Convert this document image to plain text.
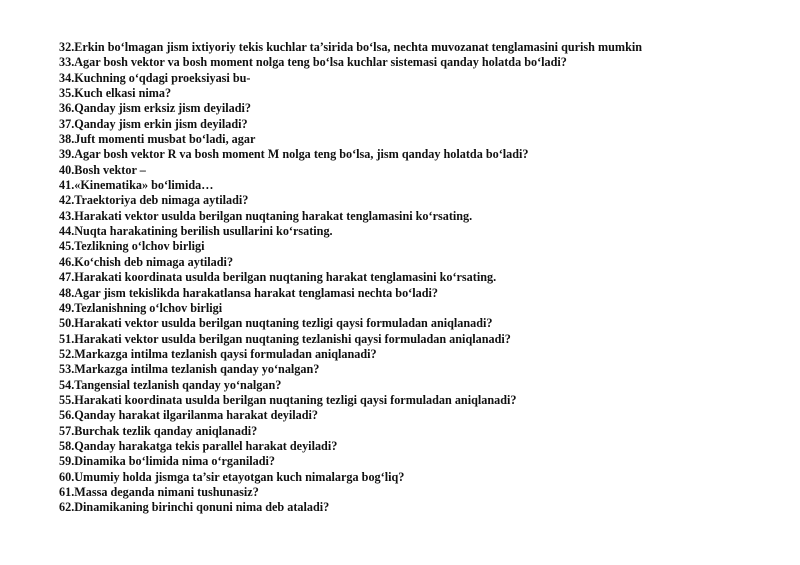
32.Erkin bo‘lmagan jism ixtiyoriy tekis kuchlar ta’sirida bo‘lsa, nechta muvozanat tenglamasini qurish mumkin
33.Agar bosh vektor va bosh moment nolga teng bo‘lsa kuchlar sistemasi qanday holatda bo‘ladi?
34.Kuchning o‘qdagi proeksiyasi bu-
35.Kuch elkasi nima?
36.Qanday jism erksiz jism deyiladi?
37.Qanday jism erkin jism deyiladi?
38.Juft momenti musbat bo‘ladi, agar
39.Agar bosh vektor R va bosh moment M nolga teng bo‘lsa, jism qanday holatda bo‘ladi?
40.Bosh vektor –
41.«Kinematika» bo‘limida…
42.Traektoriya deb nimaga aytiladi?
43.Harakati vektor usulda berilgan nuqtaning harakat tenglamasini ko‘rsating.
44.Nuqta harakatining berilish usullarini ko‘rsating.
45.Tezlikning o‘lchov birligi
46.Ko‘chish deb nimaga aytiladi?
47.Harakati koordinata usulda berilgan nuqtaning harakat tenglamasini ko‘rsating.
48.Agar jism tekislikda harakatlansa harakat tenglamasi nechta bo‘ladi?
49.Tezlanishning o‘lchov birligi
50.Harakati vektor usulda berilgan nuqtaning tezligi qaysi formuladan aniqlanadi?
51.Harakati vektor usulda berilgan nuqtaning tezlanishi qaysi formuladan aniqlanadi?
52.Markazga intilma tezlanish qaysi formuladan aniqlanadi?
53.Markazga intilma tezlanish qanday yo‘nalgan?
54.Tangensial tezlanish qanday yo‘nalgan?
55.Harakati koordinata usulda berilgan nuqtaning tezligi qaysi formuladan aniqlanadi?
56.Qanday harakat ilgarilanma harakat deyiladi?
57.Burchak tezlik qanday aniqlanadi?
58.Qanday harakatga tekis parallel harakat deyiladi?
59.Dinamika bo‘limida nima o‘rganiladi?
60.Umumiy holda jismga ta’sir etayotgan kuch nimalarga bog‘liq?
61.Massa deganda nimani tushunasiz?
62.Dinamikaning birinchi qonuni nima deb ataladi?
